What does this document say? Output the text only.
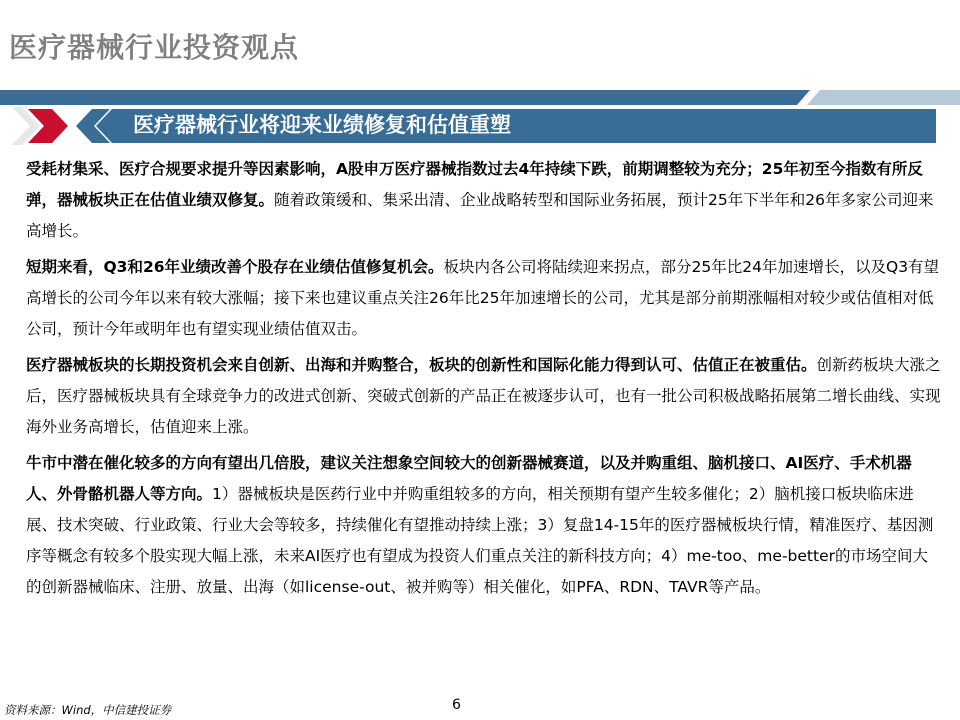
医疗器械行业投资观点
医疗器械行业将迎来业绩修复和估值重塑

受耗材集采、医疗合规要求提升等因素影响，A股申万医疗器械指数过去4年持续下跌，前期调整较为充分；25年初至今指数有所反弹，器械板块正在估值业绩双修复。随着政策缓和、集采出清、企业战略转型和国际业务拓展，预计25年下半年和26年多家公司迎来高增长。

短期来看，Q3和26年业绩改善个股存在业绩估值修复机会。板块内各公司将陆续迎来拐点，部分25年比24年加速增长，以及Q3有望高增长的公司今年以来有较大涨幅；接下来也建议重点关注26年比25年加速增长的公司，尤其是部分前期涨幅相对较少或估值相对低公司，预计今年或明年也有望实现业绩估值双击。

医疗器械板块的长期投资机会来自创新、出海和并购整合，板块的创新性和国际化能力得到认可、估值正在被重估。创新药板块大涨之后，医疗器械板块具有全球竞争力的改进式创新、突破式创新的产品正在被逐步认可，也有一批公司积极战略拓展第二增长曲线、实现海外业务高增长，估值迎来上涨。

牛市中潜在催化较多的方向有望出几倍股，建议关注想象空间较大的创新器械赛道，以及并购重组、脑机接口、AI医疗、手术机器人、外骨骼机器人等方向。1）器械板块是医药行业中并购重组较多的方向，相关预期有望产生较多催化；2）脑机接口板块临床进展、技术突破、行业政策、行业大会等较多，持续催化有望推动持续上涨；3）复盘14-15年的医疗器械板块行情，精准医疗、基因测序等概念有较多个股实现大幅上涨，未来AI医疗也有望成为投资人们重点关注的新科技方向；4）me-too、me-better的市场空间大的创新器械临床、注册、放量、出海（如license-out、被并购等）相关催化，如PFA、RDN、TAVR等产品。

资料来源：Wind，中信建投证券	6
